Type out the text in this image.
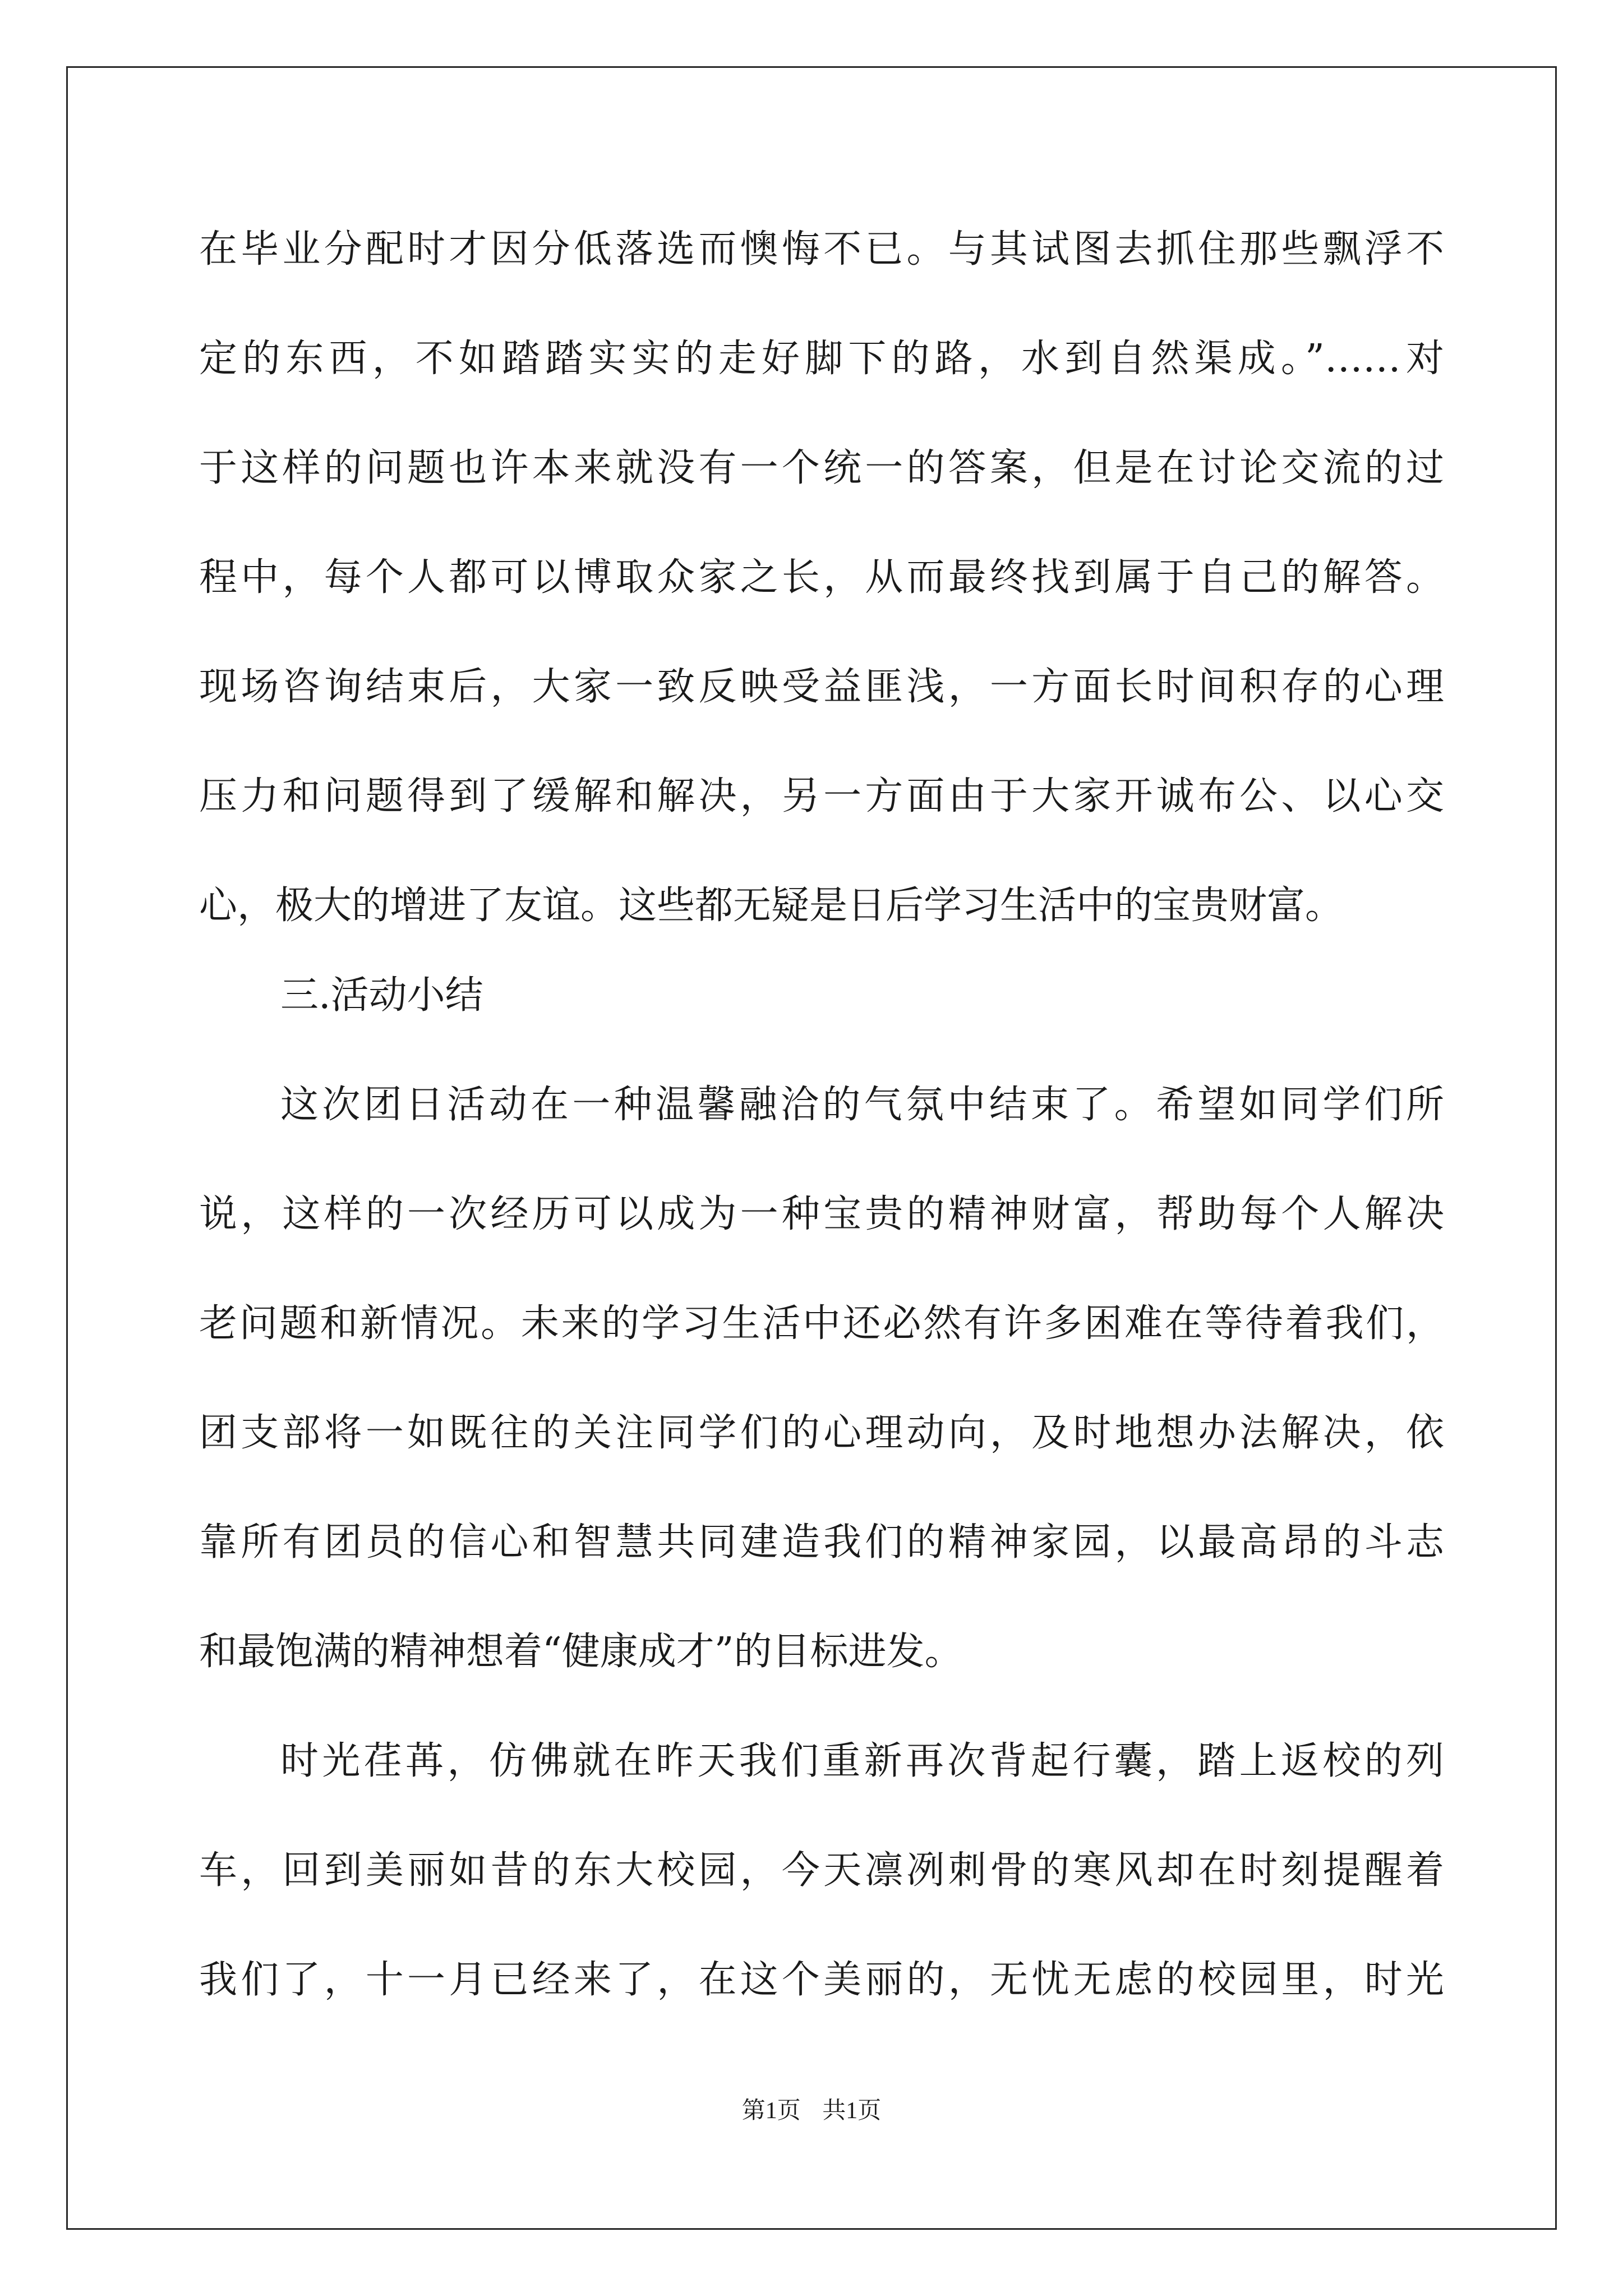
在毕业分配时才因分低落选而懊悔不已。与其试图去抓住那些飘浮不
定的东西，不如踏踏实实的走好脚下的路，水到自然渠成。”……对
于这样的问题也许本来就没有一个统一的答案，但是在讨论交流的过
程中，每个人都可以博取众家之长，从而最终找到属于自己的解答。
现场咨询结束后，大家一致反映受益匪浅，一方面长时间积存的心理
压力和问题得到了缓解和解决，另一方面由于大家开诚布公、以心交
心，极大的增进了友谊。这些都无疑是日后学习生活中的宝贵财富。
三.活动小结
这次团日活动在一种温馨融洽的气氛中结束了。希望如同学们所
说，这样的一次经历可以成为一种宝贵的精神财富，帮助每个人解决
老问题和新情况。未来的学习生活中还必然有许多困难在等待着我们，
团支部将一如既往的关注同学们的心理动向，及时地想办法解决，依
靠所有团员的信心和智慧共同建造我们的精神家园，以最高昂的斗志
和最饱满的精神想着“健康成才”的目标进发。
时光荏苒，仿佛就在昨天我们重新再次背起行囊，踏上返校的列
车，回到美丽如昔的东大校园，今天凛冽刺骨的寒风却在时刻提醒着
我们了，十一月已经来了，在这个美丽的，无忧无虑的校园里，时光
第1页 共1页
